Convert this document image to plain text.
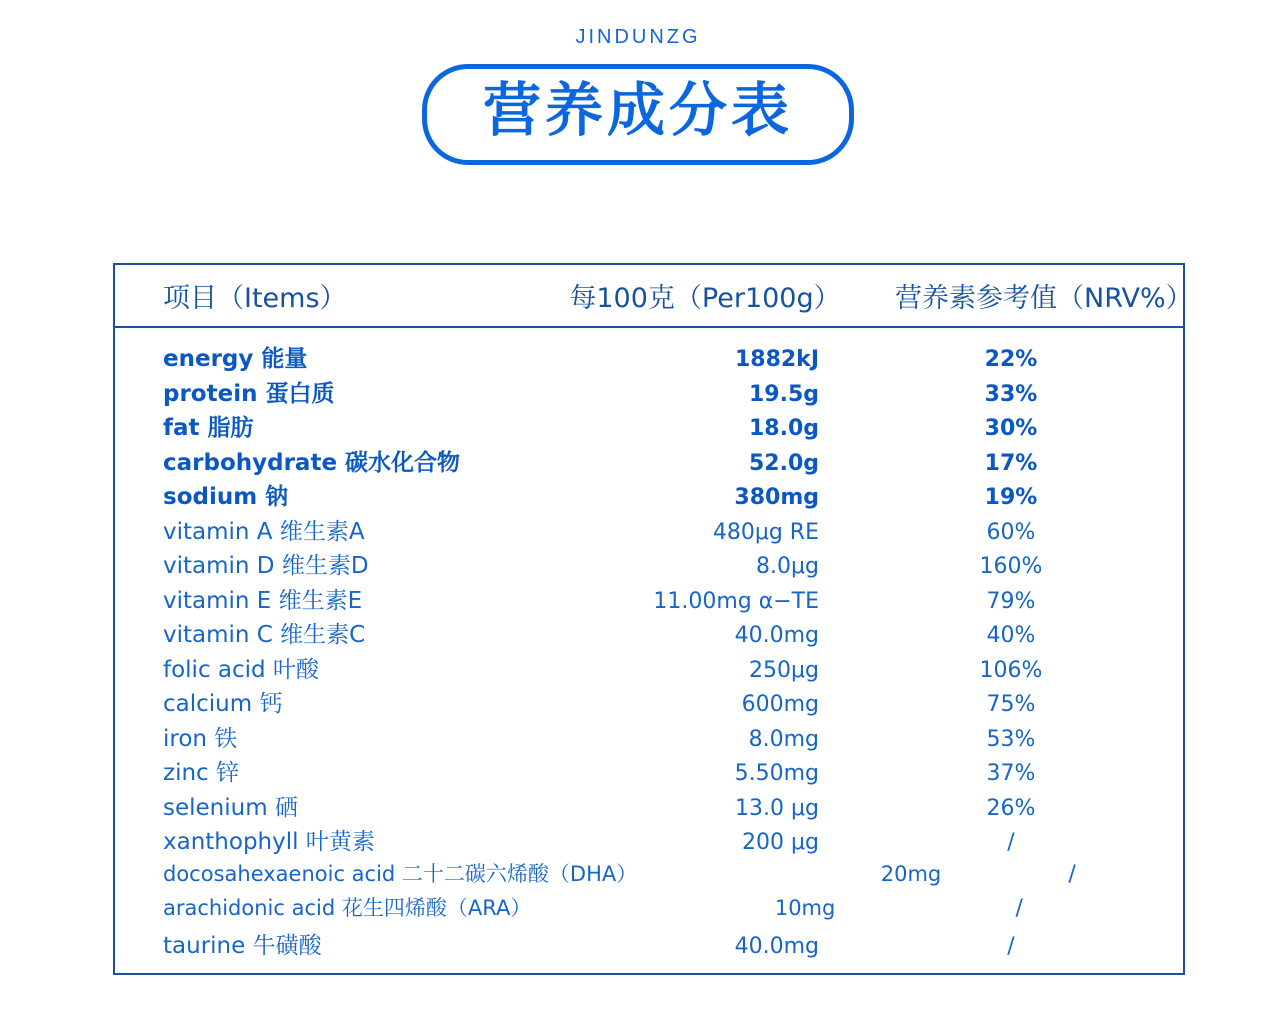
JINDUNZG
营养成分表
项目（Items）	每100克（Per100g）	营养素参考值（NRV%）
energy 能量	1882kJ	22%
protein 蛋白质	19.5g	33%
fat 脂肪	18.0g	30%
carbohydrate 碳水化合物	52.0g	17%
sodium 钠	380mg	19%
vitamin A 维生素A	480μg RE	60%
vitamin D 维生素D	8.0μg	160%
vitamin E 维生素E	11.00mg α−TE	79%
vitamin C 维生素C	40.0mg	40%
folic acid 叶酸	250μg	106%
calcium 钙	600mg	75%
iron 铁	8.0mg	53%
zinc 锌	5.50mg	37%
selenium 硒	13.0 μg	26%
xanthophyll 叶黄素	200 μg	/
docosahexaenoic acid 二十二碳六烯酸（DHA）	20mg	/
arachidonic acid 花生四烯酸（ARA）	10mg	/
taurine 牛磺酸	40.0mg	/
